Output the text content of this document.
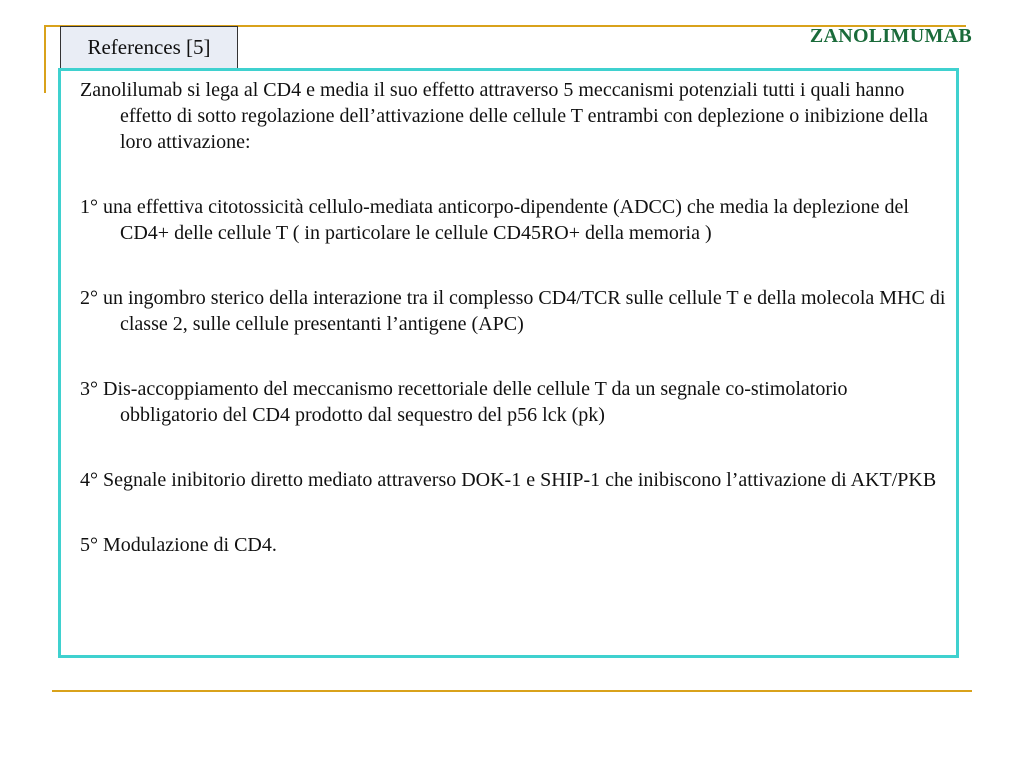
References [5]	ZANOLIMUMAB

Zanolilumab si lega al CD4 e media il suo effetto attraverso 5 meccanismi potenziali tutti i quali hanno effetto di sotto regolazione dell’attivazione delle cellule T entrambi con deplezione o inibizione della loro attivazione:

1° una effettiva citotossicità cellulo-mediata anticorpo-dipendente (ADCC) che media la deplezione del CD4+ delle cellule T ( in particolare le cellule CD45RO+ della memoria )

2° un ingombro sterico della interazione tra il complesso CD4/TCR sulle cellule T e della molecola MHC di classe 2, sulle cellule presentanti l’antigene (APC)

3° Dis-accoppiamento del meccanismo recettoriale delle cellule T da un segnale co-stimolatorio obbligatorio del CD4 prodotto dal sequestro del p56 lck (pk)

4° Segnale inibitorio diretto mediato attraverso DOK-1 e SHIP-1 che inibiscono l’attivazione di AKT/PKB

5° Modulazione di CD4.
